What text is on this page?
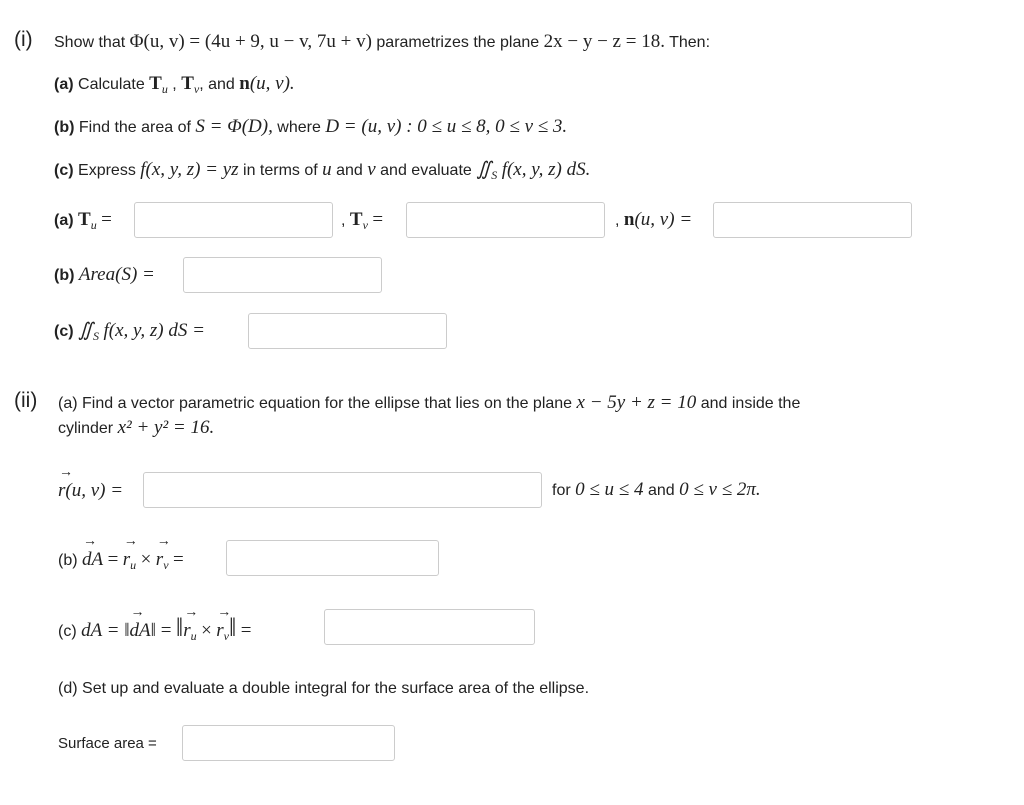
(i) Show that Φ(u, v) = (4u + 9, u − v, 7u + v) parametrizes the plane 2x − y − z = 18. Then:
(a) Calculate $T_u$ , $T_v$, and n(u, v).
(b) Find the area of S = Φ(D), where D = (u, v) : 0 ≤ u ≤ 8, 0 ≤ v ≤ 3.
(c) Express f(x, y, z) = yz in terms of u and v and evaluate $∬_S$ f(x, y, z) dS.
(a) $T_u$ =	, $T_v$ =	, n(u, v) =
(b) Area(S) =
(c) $∬_S$ f(x, y, z) dS =
(ii) (a) Find a vector parametric equation for the ellipse that lies on the plane x − 5y + z = 10 and inside the
cylinder x² + y² = 16.
→ r(u, v) =	for 0 ≤ u ≤ 4 and 0 ≤ v ≤ 2π.
(b) → dA = → $r_u$ × → $r_v$ =
(c) dA = ‖→ dA‖ = ‖→ $r_u$ × → $r_v‖$ =
(d) Set up and evaluate a double integral for the surface area of the ellipse.
Surface area =
